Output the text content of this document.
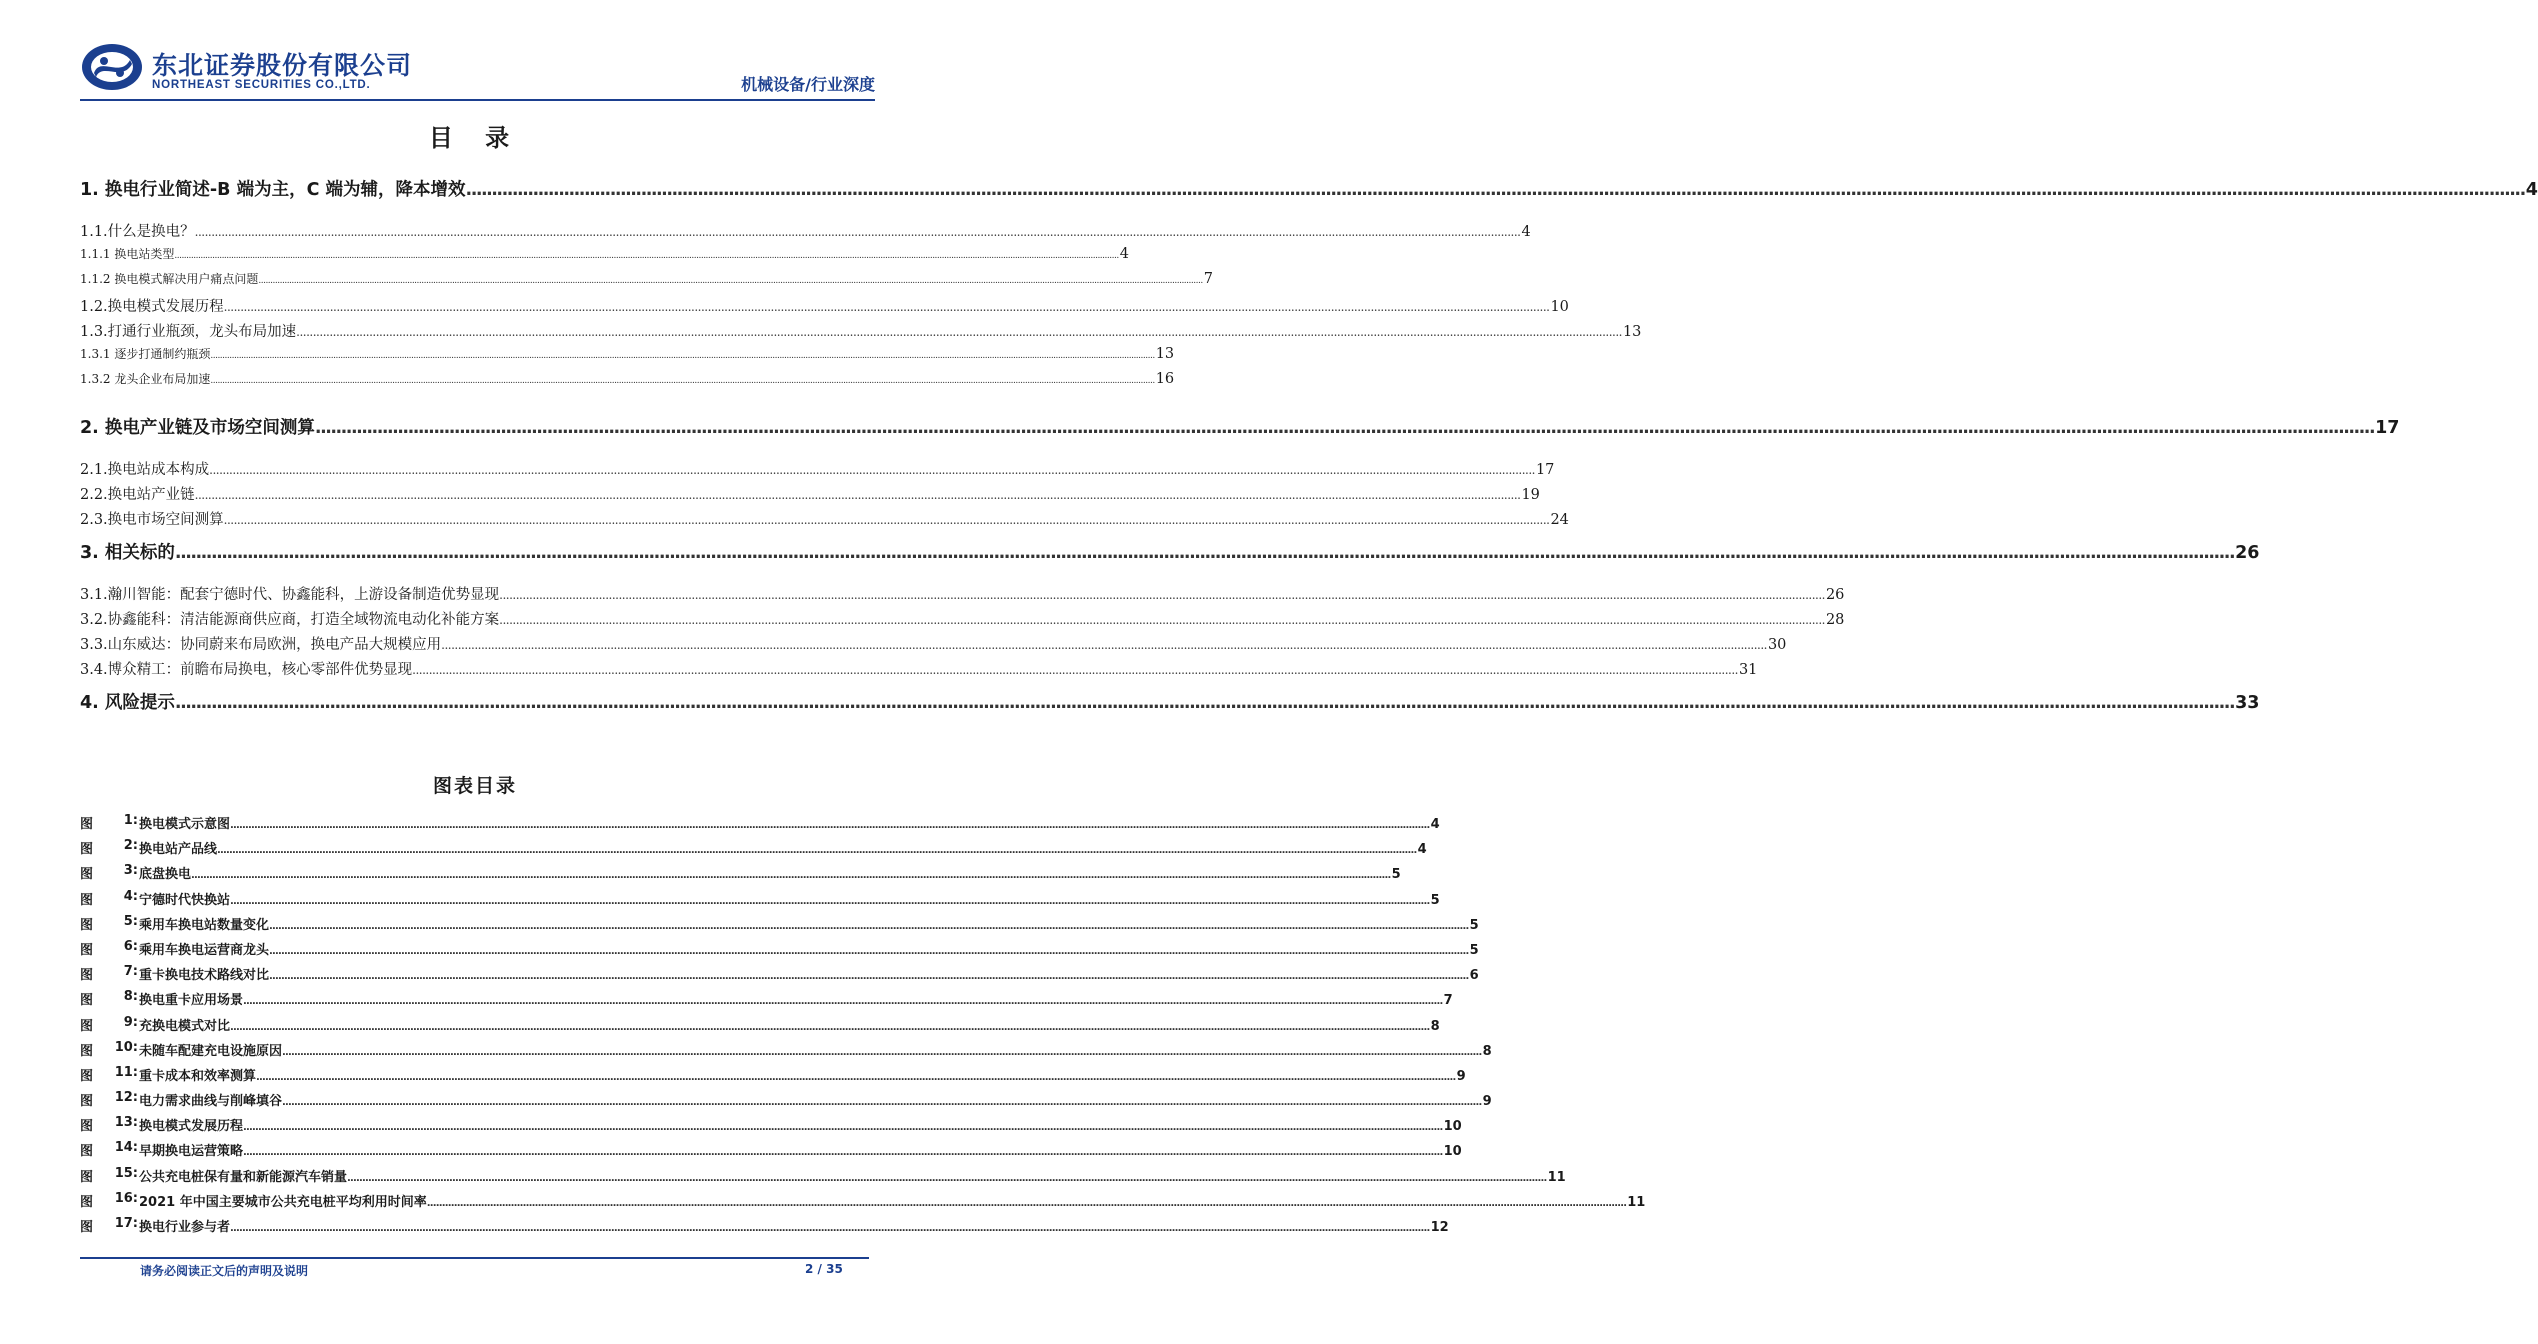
东北证券股份有限公司
NORTHEAST SECURITIES CO.,LTD.	机械设备/行业深度
目 录
1. 换电行业简述-B 端为主，C 端为辅，降本增效 ................................................................................................................................................................................................................................................................................................................................................................................................................ 4
1.1.什么是换电？ ................................................................................................................................................................................................................................................................................................................................................................................................................ 4
1.1.1 换电站类型 ................................................................................................................................................................................................................................................................................................................................................................................................................ 4
1.1.2 换电模式解决用户痛点问题 ................................................................................................................................................................................................................................................................................................................................................................................................................ 7
1.2.换电模式发展历程 ................................................................................................................................................................................................................................................................................................................................................................................................................ 10
1.3.打通行业瓶颈，龙头布局加速 ................................................................................................................................................................................................................................................................................................................................................................................................................ 13
1.3.1 逐步打通制约瓶颈 ................................................................................................................................................................................................................................................................................................................................................................................................................ 13
1.3.2 龙头企业布局加速 ................................................................................................................................................................................................................................................................................................................................................................................................................ 16
2. 换电产业链及市场空间测算 ................................................................................................................................................................................................................................................................................................................................................................................................................ 17
2.1.换电站成本构成 ................................................................................................................................................................................................................................................................................................................................................................................................................ 17
2.2.换电站产业链 ................................................................................................................................................................................................................................................................................................................................................................................................................ 19
2.3.换电市场空间测算 ................................................................................................................................................................................................................................................................................................................................................................................................................ 24
3. 相关标的 ................................................................................................................................................................................................................................................................................................................................................................................................................ 26
3.1.瀚川智能：配套宁德时代、协鑫能科，上游设备制造优势显现 ................................................................................................................................................................................................................................................................................................................................................................................................................ 26
3.2.协鑫能科：清洁能源商供应商，打造全域物流电动化补能方案 ................................................................................................................................................................................................................................................................................................................................................................................................................ 28
3.3.山东威达：协同蔚来布局欧洲，换电产品大规模应用 ................................................................................................................................................................................................................................................................................................................................................................................................................ 30
3.4.博众精工：前瞻布局换电，核心零部件优势显现 ................................................................................................................................................................................................................................................................................................................................................................................................................ 31
4. 风险提示 ................................................................................................................................................................................................................................................................................................................................................................................................................ 33
图表目录
图 1: 换电模式示意图 ................................................................................................................................................................................................................................................................................................................................................................................................................ 4
图 2: 换电站产品线 ................................................................................................................................................................................................................................................................................................................................................................................................................ 4
图 3: 底盘换电 ................................................................................................................................................................................................................................................................................................................................................................................................................ 5
图 4: 宁德时代快换站 ................................................................................................................................................................................................................................................................................................................................................................................................................ 5
图 5: 乘用车换电站数量变化 ................................................................................................................................................................................................................................................................................................................................................................................................................ 5
图 6: 乘用车换电运营商龙头 ................................................................................................................................................................................................................................................................................................................................................................................................................ 5
图 7: 重卡换电技术路线对比 ................................................................................................................................................................................................................................................................................................................................................................................................................ 6
图 8: 换电重卡应用场景 ................................................................................................................................................................................................................................................................................................................................................................................................................ 7
图 9: 充换电模式对比 ................................................................................................................................................................................................................................................................................................................................................................................................................ 8
图 10: 未随车配建充电设施原因 ................................................................................................................................................................................................................................................................................................................................................................................................................ 8
图 11: 重卡成本和效率测算 ................................................................................................................................................................................................................................................................................................................................................................................................................ 9
图 12: 电力需求曲线与削峰填谷 ................................................................................................................................................................................................................................................................................................................................................................................................................ 9
图 13: 换电模式发展历程 ................................................................................................................................................................................................................................................................................................................................................................................................................ 10
图 14: 早期换电运营策略 ................................................................................................................................................................................................................................................................................................................................................................................................................ 10
图 15: 公共充电桩保有量和新能源汽车销量 ................................................................................................................................................................................................................................................................................................................................................................................................................ 11
图 16: 2021 年中国主要城市公共充电桩平均利用时间率 ................................................................................................................................................................................................................................................................................................................................................................................................................ 11
图 17: 换电行业参与者 ................................................................................................................................................................................................................................................................................................................................................................................................................ 12
请务必阅读正文后的声明及说明	2 / 35
